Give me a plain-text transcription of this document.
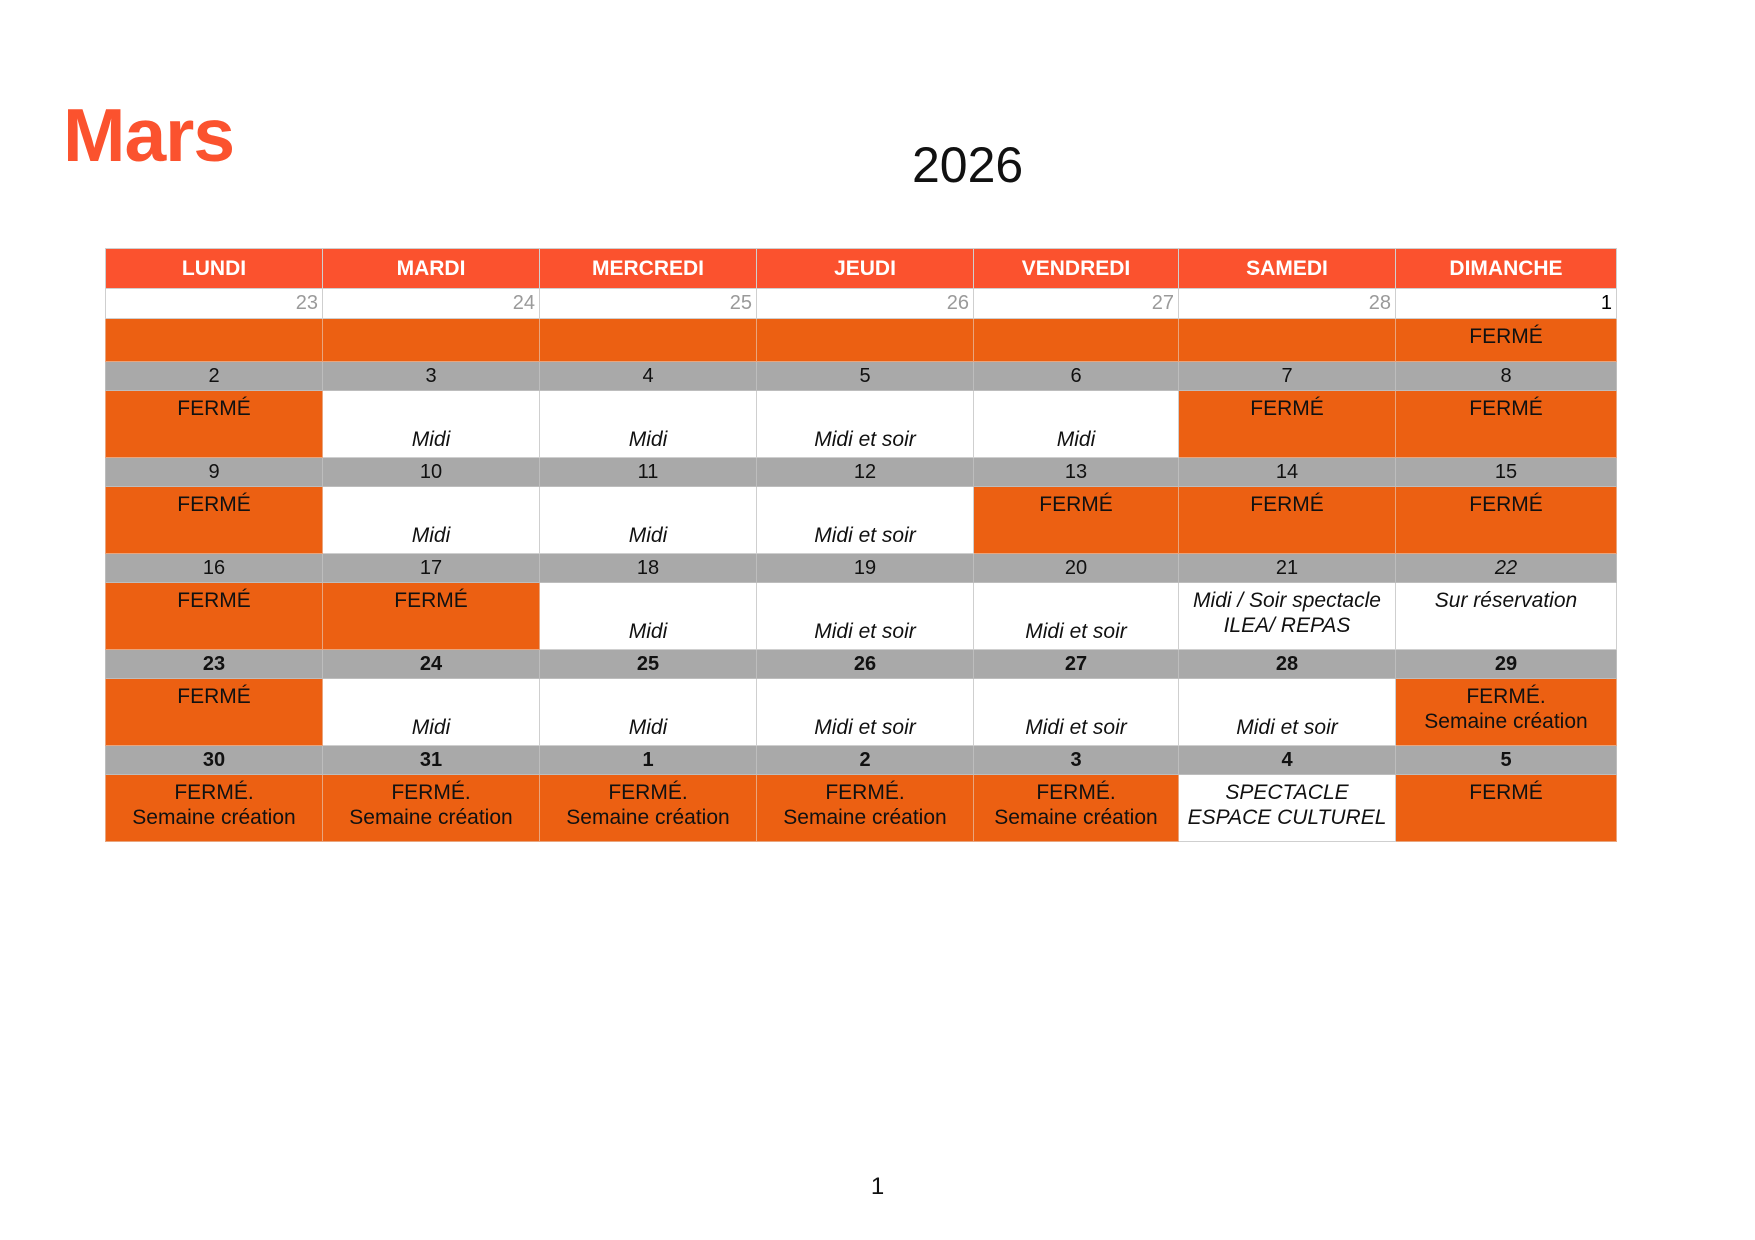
Mars	2026
LUNDI	MARDI	MERCREDI	JEUDI	VENDREDI	SAMEDI	DIMANCHE
23	24	25	26	27	28	1

						FERMÉ

2	3	4	5	6	7	8

FERMÉ	Midi	Midi	Midi et soir	Midi	FERMÉ	FERMÉ

9	10	11	12	13	14	15

FERMÉ	Midi	Midi	Midi et soir	FERMÉ	FERMÉ	FERMÉ

16	17	18	19	20	21	22

FERMÉ	FERMÉ	Midi	Midi et soir	Midi et soir	Midi / Soir spectacle
ILEA/ REPAS	Sur réservation

23	24	25	26	27	28	29

FERMÉ	Midi	Midi	Midi et soir	Midi et soir	Midi et soir	FERMÉ.
Semaine création

30	31	1	2	3	4	5

FERMÉ.
Semaine création	FERMÉ.
Semaine création	FERMÉ.
Semaine création	FERMÉ.
Semaine création	FERMÉ.
Semaine création	SPECTACLE
ESPACE CULTUREL	FERMÉ
1
